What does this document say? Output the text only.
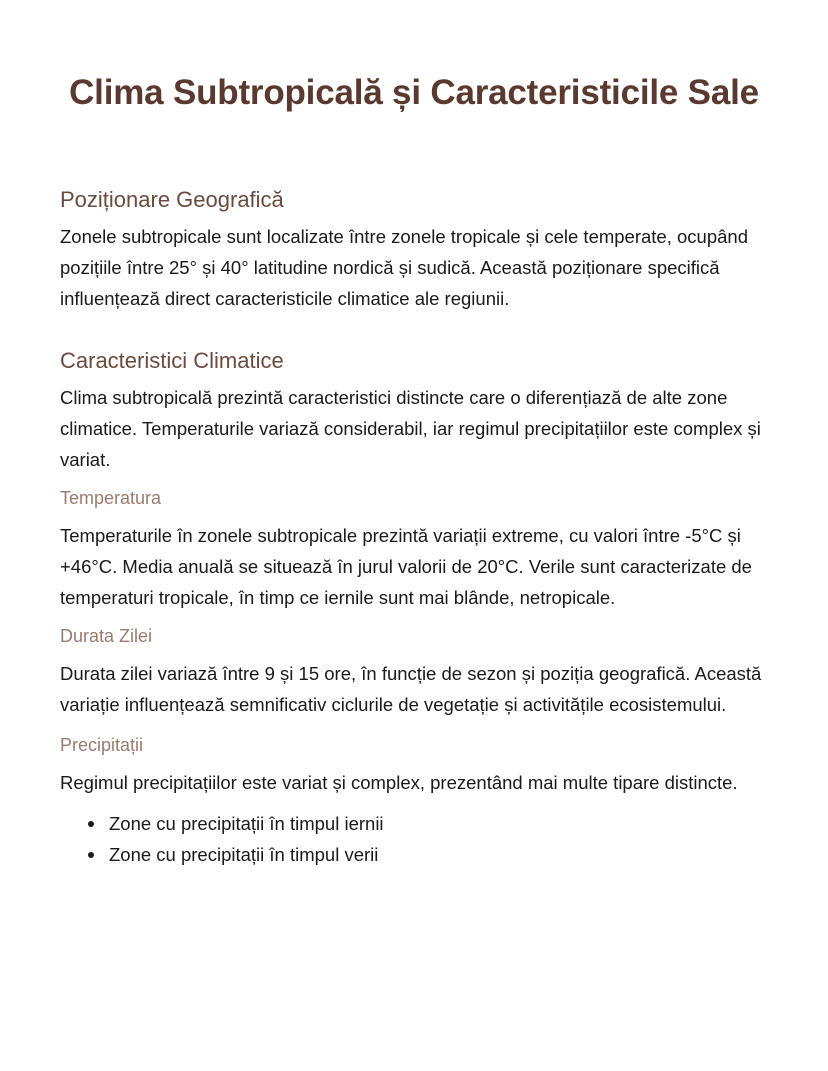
Clima Subtropicală și Caracteristicile Sale
Poziționare Geografică

Zonele subtropicale sunt localizate între zonele tropicale și cele temperate, ocupând pozițiile între 25° și 40° latitudine nordică și sudică. Această poziționare specifică influențează direct caracteristicile climatice ale regiunii.

Caracteristici Climatice

Clima subtropicală prezintă caracteristici distincte care o diferențiază de alte zone climatice. Temperaturile variază considerabil, iar regimul precipitațiilor este complex și variat.

Temperatura

Temperaturile în zonele subtropicale prezintă variații extreme, cu valori între -5°C și +46°C. Media anuală se situează în jurul valorii de 20°C. Verile sunt caracterizate de temperaturi tropicale, în timp ce iernile sunt mai blânde, netropicale.

Durata Zilei

Durata zilei variază între 9 și 15 ore, în funcție de sezon și poziția geografică. Această variație influențează semnificativ ciclurile de vegetație și activitățile ecosistemului.

Precipitații

Regimul precipitațiilor este variat și complex, prezentând mai multe tipare distincte.

Zone cu precipitații în timpul iernii
Zone cu precipitații în timpul verii
